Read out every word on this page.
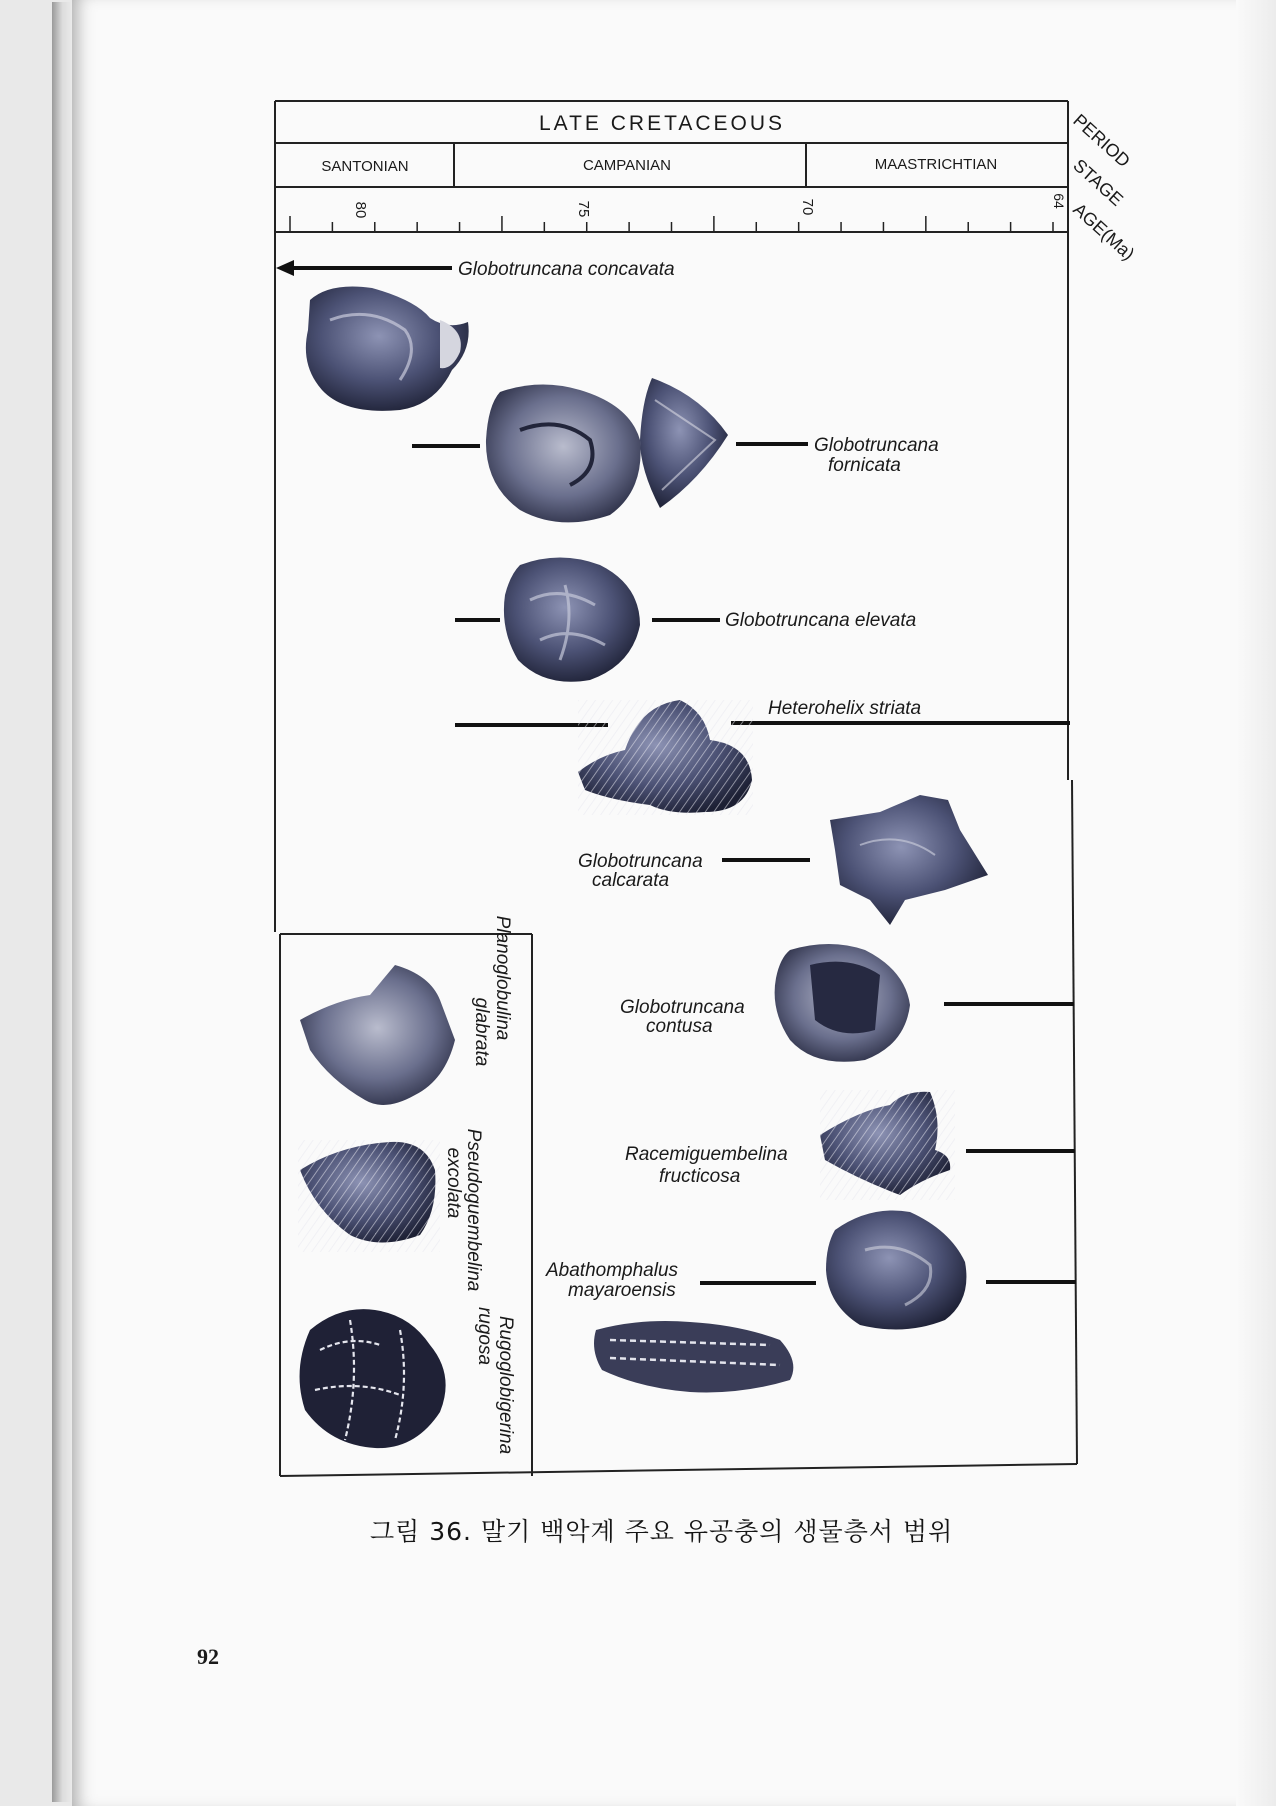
LATE CRETACEOUS
SANTONIAN	CAMPANIAN	MAASTRICHTIAN
80	75	70	64
PERIOD
STAGE
AGE(Ma)
Globotruncana concavata
Globotruncana
fornicata
Globotruncana elevata
Heterohelix striata
Globotruncana
calcarata
Globotruncana
contusa
Racemiguembelina
fructicosa
Abathomphalus
mayaroensis
Planoglobulina
glabrata
Pseudoguembelina
excolata
Rugoglobigerina
rugosa
그림 36. 말기 백악계 주요 유공충의 생물층서 범위
92
